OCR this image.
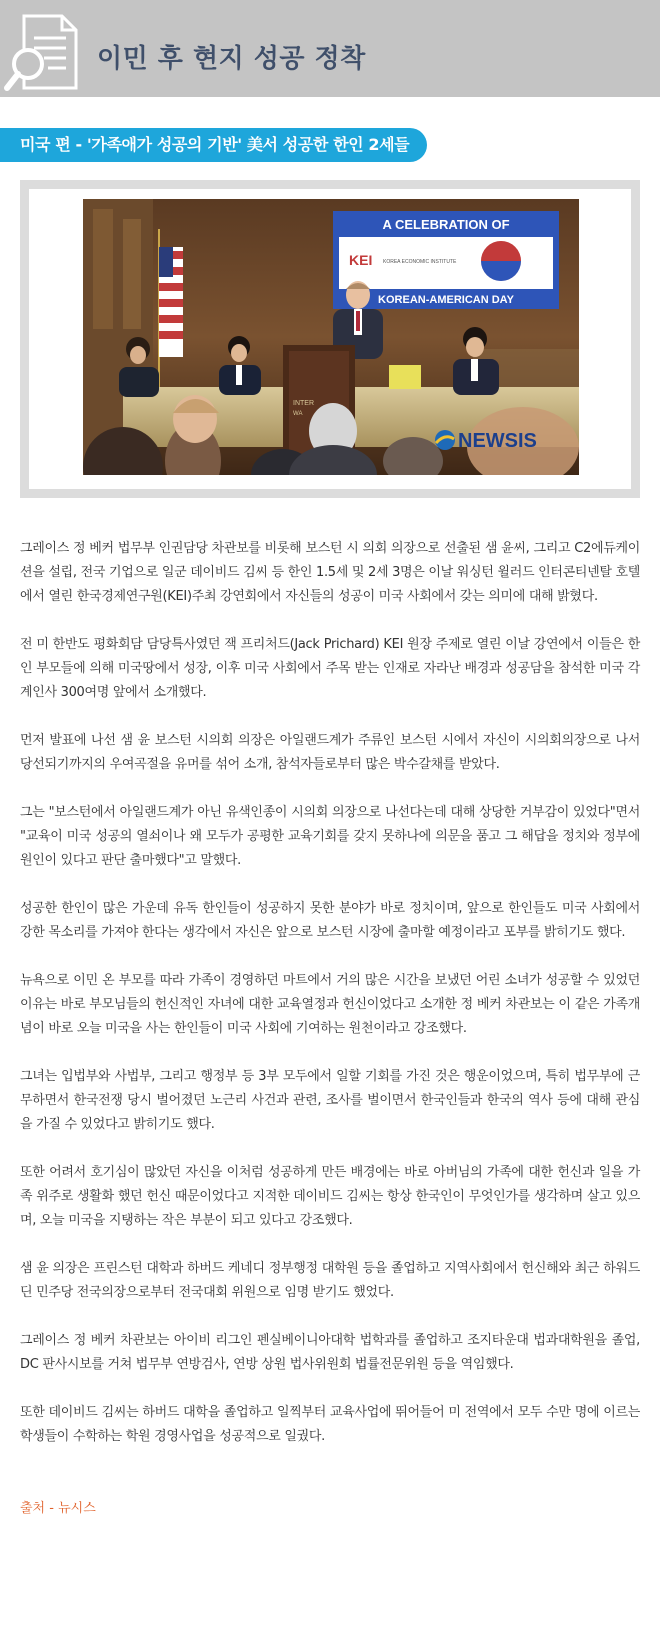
이민 후 현지 성공 정착
미국 편 - '가족애가 성공의 기반' 美서 성공한 한인 2세들
A CELEBRATION OF
KEI KOREA ECONOMIC INSTITUTE
KOREAN-AMERICAN DAY
INTER
WA
NEWSIS

그레이스 정 베커 법무부 인권담당 차관보를 비롯해 보스턴 시 의회 의장으로 선출된 샘 윤씨, 그리고 C2에듀케이션을 설립, 전국 기업으로 일군 데이비드 김씨 등 한인 1.5세 및 2세 3명은 이날 워싱턴 윌러드 인터콘티넨탈 호텔에서 열린 한국경제연구원(KEI)주최 강연회에서 자신들의 성공이 미국 사회에서 갖는 의미에 대해 밝혔다.

전 미 한반도 평화회담 담당특사였던 잭 프리처드(Jack Prichard) KEI 원장 주제로 열린 이날 강연에서 이들은 한인 부모들에 의해 미국땅에서 성장, 이후 미국 사회에서 주목 받는 인재로 자라난 배경과 성공담을 참석한 미국 각계인사 300여명 앞에서 소개했다.

먼저 발표에 나선 샘 윤 보스턴 시의회 의장은 아일랜드계가 주류인 보스턴 시에서 자신이 시의회의장으로 나서 당선되기까지의 우여곡절을 유머를 섞어 소개, 참석자들로부터 많은 박수갈채를 받았다.

그는 "보스턴에서 아일랜드계가 아닌 유색인종이 시의회 의장으로 나선다는데 대해 상당한 거부감이 있었다"면서 "교육이 미국 성공의 열쇠이나 왜 모두가 공평한 교육기회를 갖지 못하나에 의문을 품고 그 해답을 정치와 정부에 원인이 있다고 판단 출마했다"고 말했다.

성공한 한인이 많은 가운데 유독 한인들이 성공하지 못한 분야가 바로 정치이며, 앞으로 한인들도 미국 사회에서 강한 목소리를 가져야 한다는 생각에서 자신은 앞으로 보스턴 시장에 출마할 예정이라고 포부를 밝히기도 했다.

뉴욕으로 이민 온 부모를 따라 가족이 경영하던 마트에서 거의 많은 시간을 보냈던 어린 소녀가 성공할 수 있었던 이유는 바로 부모님들의 헌신적인 자녀에 대한 교육열정과 헌신이었다고 소개한 정 베커 차관보는 이 같은 가족개념이 바로 오늘 미국을 사는 한인들이 미국 사회에 기여하는 원천이라고 강조했다.

그녀는 입법부와 사법부, 그리고 행정부 등 3부 모두에서 일할 기회를 가진 것은 행운이었으며, 특히 법무부에 근무하면서 한국전쟁 당시 벌어졌던 노근리 사건과 관련, 조사를 벌이면서 한국인들과 한국의 역사 등에 대해 관심을 가질 수 있었다고 밝히기도 했다.

또한 어려서 호기심이 많았던 자신을 이처럼 성공하게 만든 배경에는 바로 아버님의 가족에 대한 헌신과 일을 가족 위주로 생활화 했던 헌신 때문이었다고 지적한 데이비드 김씨는 항상 한국인이 무엇인가를 생각하며 살고 있으며, 오늘 미국을 지탱하는 작은 부분이 되고 있다고 강조했다.

샘 윤 의장은 프린스턴 대학과 하버드 케네디 정부행정 대학원 등을 졸업하고 지역사회에서 헌신해와 최근 하워드 딘 민주당 전국의장으로부터 전국대회 위원으로 임명 받기도 했었다.

그레이스 정 베커 차관보는 아이비 리그인 펜실베이니아대학 법학과를 졸업하고 조지타운대 법과대학원을 졸업, DC 판사시보를 거쳐 법무부 연방검사, 연방 상원 법사위원회 법률전문위원 등을 역임했다.

또한 데이비드 김씨는 하버드 대학을 졸업하고 일찍부터 교육사업에 뛰어들어 미 전역에서 모두 수만 명에 이르는 학생들이 수학하는 학원 경영사업을 성공적으로 일궜다.

출처 - 뉴시스
